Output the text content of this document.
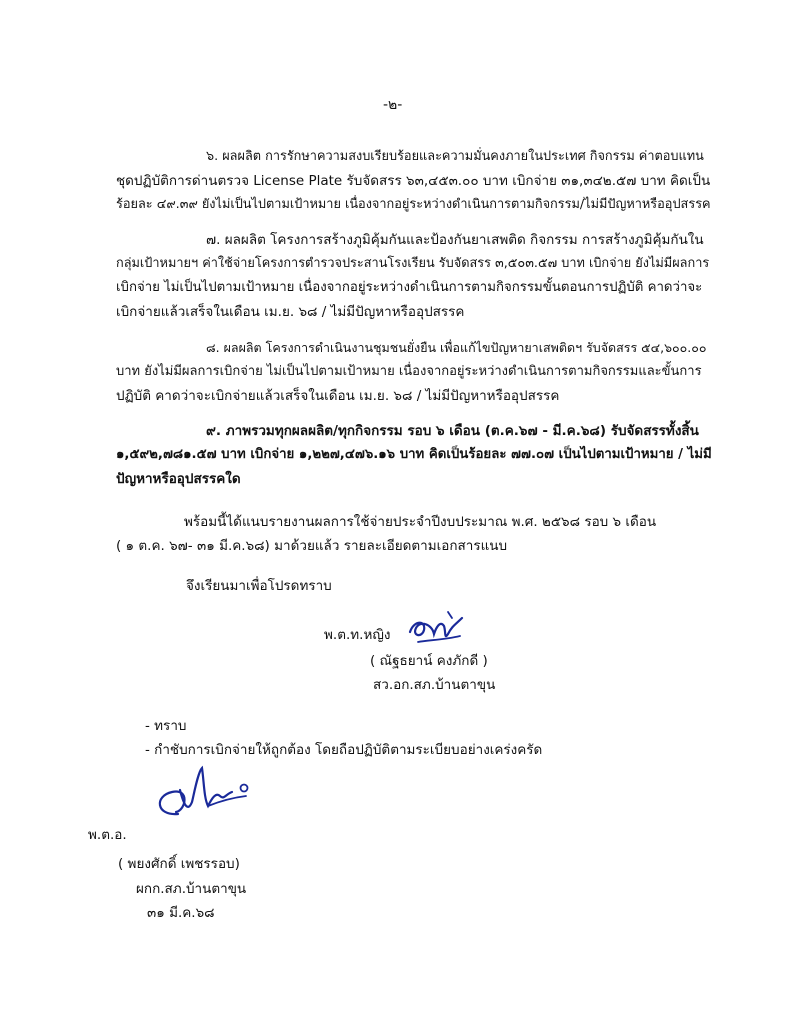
-๒-
๖. ผลผลิต การรักษาความสงบเรียบร้อยและความมั่นคงภายในประเทศ กิจกรรม ค่าตอบแทน
ชุดปฏิบัติการด่านตรวจ License Plate รับจัดสรร ๖๓,๔๕๓.๐๐ บาท เบิกจ่าย ๓๑,๓๔๒.๕๗ บาท คิดเป็น
ร้อยละ ๔๙.๓๙ ยังไม่เป็นไปตามเป้าหมาย เนื่องจากอยู่ระหว่างดำเนินการตามกิจกรรม/ไม่มีปัญหาหรืออุปสรรค
๗. ผลผลิต โครงการสร้างภูมิคุ้มกันและป้องกันยาเสพติด กิจกรรม การสร้างภูมิคุ้มกันใน
กลุ่มเป้าหมายฯ ค่าใช้จ่ายโครงการตำรวจประสานโรงเรียน รับจัดสรร ๓,๕๐๓.๕๗ บาท เบิกจ่าย ยังไม่มีผลการ
เบิกจ่าย ไม่เป็นไปตามเป้าหมาย เนื่องจากอยู่ระหว่างดำเนินการตามกิจกรรมขั้นตอนการปฏิบัติ คาดว่าจะ
เบิกจ่ายแล้วเสร็จในเดือน เม.ย. ๖๘ / ไม่มีปัญหาหรืออุปสรรค
๘. ผลผลิต โครงการดำเนินงานชุมชนยั่งยืน เพื่อแก้ไขปัญหายาเสพติดฯ รับจัดสรร ๕๔,๖๐๐.๐๐
บาท ยังไม่มีผลการเบิกจ่าย ไม่เป็นไปตามเป้าหมาย เนื่องจากอยู่ระหว่างดำเนินการตามกิจกรรมและขั้นการ
ปฏิบัติ คาดว่าจะเบิกจ่ายแล้วเสร็จในเดือน เม.ย. ๖๘ / ไม่มีปัญหาหรืออุปสรรค
๙. ภาพรวมทุกผลผลิต/ทุกกิจกรรม รอบ ๖ เดือน (ต.ค.๖๗ - มี.ค.๖๘) รับจัดสรรทั้งสิ้น
๑,๕๙๒,๗๘๑.๕๗ บาท เบิกจ่าย ๑,๒๒๗,๔๗๖.๑๖ บาท คิดเป็นร้อยละ ๗๗.๐๗ เป็นไปตามเป้าหมาย / ไม่มี
ปัญหาหรืออุปสรรคใด
พร้อมนี้ได้แนบรายงานผลการใช้จ่ายประจำปีงบประมาณ พ.ศ. ๒๕๖๘ รอบ ๖ เดือน
( ๑ ต.ค. ๖๗- ๓๑ มี.ค.๖๘) มาด้วยแล้ว รายละเอียดตามเอกสารแนบ
จึงเรียนมาเพื่อโปรดทราบ
พ.ต.ท.หญิง
( ณัฐธยาน์ คงภักดี )
สว.อก.สภ.บ้านตาขุน
- ทราบ
- กำชับการเบิกจ่ายให้ถูกต้อง โดยถือปฏิบัติตามระเบียบอย่างเคร่งครัด
พ.ต.อ.
( พยงศักดิ์ เพชรรอบ)
ผกก.สภ.บ้านตาขุน
๓๑ มี.ค.๖๘
